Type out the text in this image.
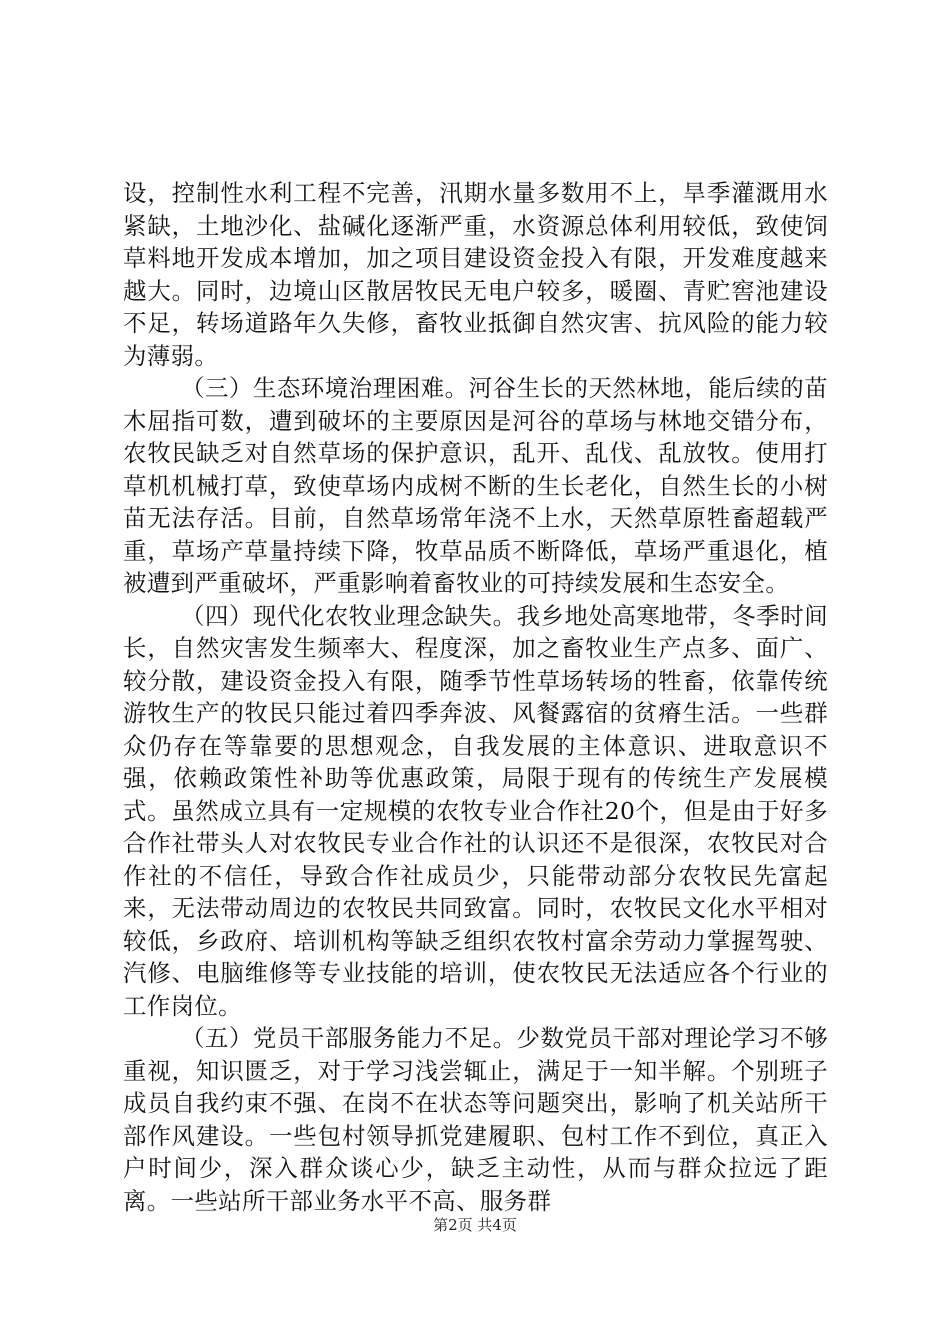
设，控制性水利工程不完善，汛期水量多数用不上，旱季灌溉用水紧缺，土地沙化、盐碱化逐渐严重，水资源总体利用较低，致使饲草料地开发成本增加，加之项目建设资金投入有限，开发难度越来越大。同时，边境山区散居牧民无电户较多，暖圈、青贮窖池建设不足，转场道路年久失修，畜牧业抵御自然灾害、抗风险的能力较为薄弱。

（三）生态环境治理困难。河谷生长的天然林地，能后续的苗木屈指可数，遭到破坏的主要原因是河谷的草场与林地交错分布，农牧民缺乏对自然草场的保护意识，乱开、乱伐、乱放牧。使用打草机机械打草，致使草场内成树不断的生长老化，自然生长的小树苗无法存活。目前，自然草场常年浇不上水，天然草原牲畜超载严重，草场产草量持续下降，牧草品质不断降低，草场严重退化，植被遭到严重破坏，严重影响着畜牧业的可持续发展和生态安全。

（四）现代化农牧业理念缺失。我乡地处高寒地带，冬季时间长，自然灾害发生频率大、程度深，加之畜牧业生产点多、面广、较分散，建设资金投入有限，随季节性草场转场的牲畜，依靠传统游牧生产的牧民只能过着四季奔波、风餐露宿的贫瘠生活。一些群众仍存在等靠要的思想观念，自我发展的主体意识、进取意识不强，依赖政策性补助等优惠政策，局限于现有的传统生产发展模式。虽然成立具有一定规模的农牧专业合作社20个，但是由于好多合作社带头人对农牧民专业合作社的认识还不是很深，农牧民对合作社的不信任，导致合作社成员少，只能带动部分农牧民先富起来，无法带动周边的农牧民共同致富。同时，农牧民文化水平相对较低，乡政府、培训机构等缺乏组织农牧村富余劳动力掌握驾驶、汽修、电脑维修等专业技能的培训，使农牧民无法适应各个行业的工作岗位。

（五）党员干部服务能力不足。少数党员干部对理论学习不够重视，知识匮乏，对于学习浅尝辄止，满足于一知半解。个别班子成员自我约束不强、在岗不在状态等问题突出，影响了机关站所干部作风建设。一些包村领导抓党建履职、包村工作不到位，真正入户时间少，深入群众谈心少，缺乏主动性，从而与群众拉远了距离。一些站所干部业务水平不高、服务群

第2页 共4页
